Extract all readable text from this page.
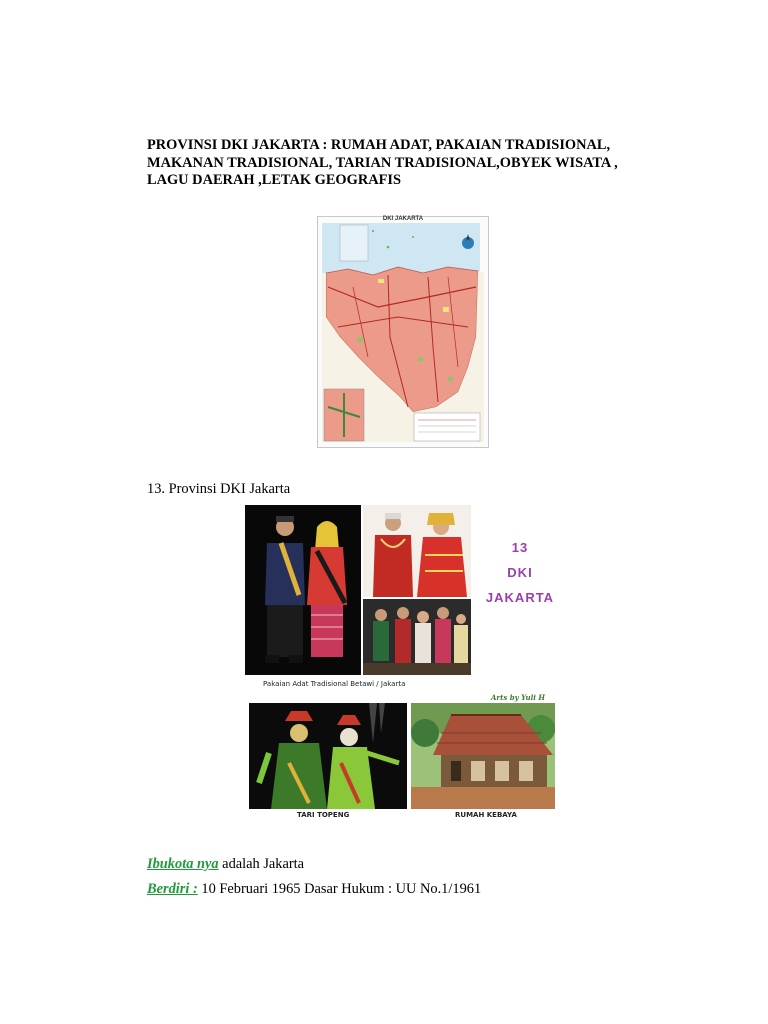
PROVINSI DKI JAKARTA : RUMAH ADAT, PAKAIAN TRADISIONAL,
MAKANAN TRADISIONAL, TARIAN TRADISIONAL,OBYEK WISATA ,
LAGU DAERAH ,LETAK GEOGRAFIS
DKI JAKARTA
13. Provinsi DKI Jakarta
13
DKI
JAKARTA
Pakaian Adat Tradisional Betawi / Jakarta
Arts by Yuli H
TARI TOPENG	RUMAH KEBAYA
Ibukota nya adalah Jakarta
Berdiri : 10 Februari 1965 Dasar Hukum : UU No.1/1961
